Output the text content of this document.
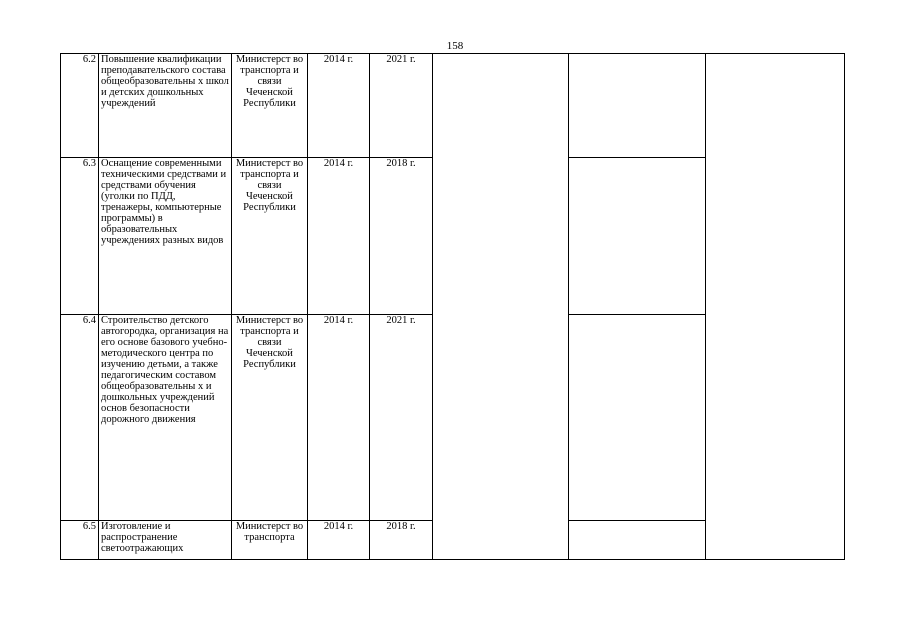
158
6.2	Повышение квалификации преподавательского состава общеобразовательны х школ и детских дошкольных учреждений	Министерст во транспорта и связи Чеченской Республики	2014 г.	2021 г.			
6.3	Оснащение современными техническими средствами и средствами обучения (уголки по ПДД, тренажеры, компьютерные программы) в образовательных учреждениях разных видов	Министерст во транспорта и связи Чеченской Республики	2014 г.	2018 г.			
6.4	Строительство детского автогородка, организация на его основе базового учебно- методического центра по изучению детьми, а также педагогическим составом общеобразовательны х и дошкольных учреждений основ безопасности дорожного движения	Министерст во транспорта и связи Чеченской Республики	2014 г.	2021 г.			
6.5	Изготовление и распространение светоотражающих	Министерст во транспорта	2014 г.	2018 г.			
